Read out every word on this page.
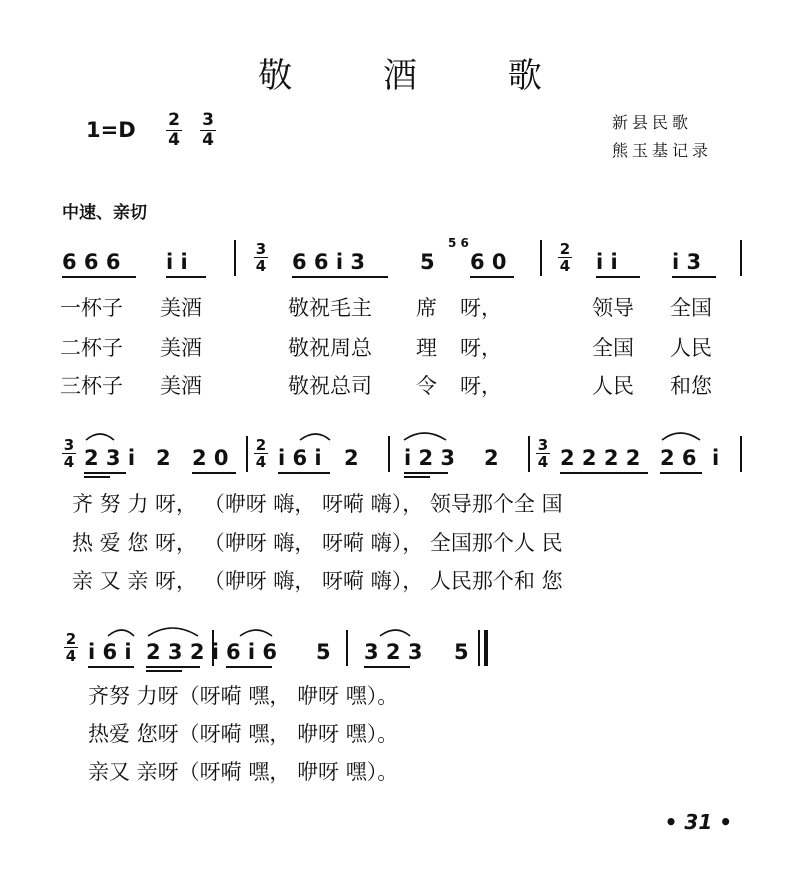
敬 酒 歌
1=D 2
4
3
4
新县民歌
熊玉基记录
中速、亲切
6 6 6 i i
3
4 6 6 i 3	5
5 6
6 0
2
4 i i	i 3
一杯子 美酒	敬祝毛主 席 呀，	领导 全国
二杯子 美酒	敬祝周总 理 呀，	全国 人民
三杯子 美酒	敬祝总司 令 呀，	人民 和您
3
4 2 3 i 2 2 0
2
4 i 6 i 2 i 2 3 2
3
4 2 2 2 2 2 6 i
齐 努 力 呀， （咿呀 嗨， 呀嗬 嗨）， 领导那个全 国
热 爱 您 呀， （咿呀 嗨， 呀嗬 嗨）， 全国那个人 民
亲 又 亲 呀， （咿呀 嗨， 呀嗬 嗨）， 人民那个和 您
2
4 i 6 i 2 3 2 i 6 i 6 5 3 2 3 5
齐努 力呀（呀嗬 嘿， 咿呀 嘿）。
热爱 您呀（呀嗬 嘿， 咿呀 嘿）。
亲又 亲呀（呀嗬 嘿， 咿呀 嘿）。
• 31 •
